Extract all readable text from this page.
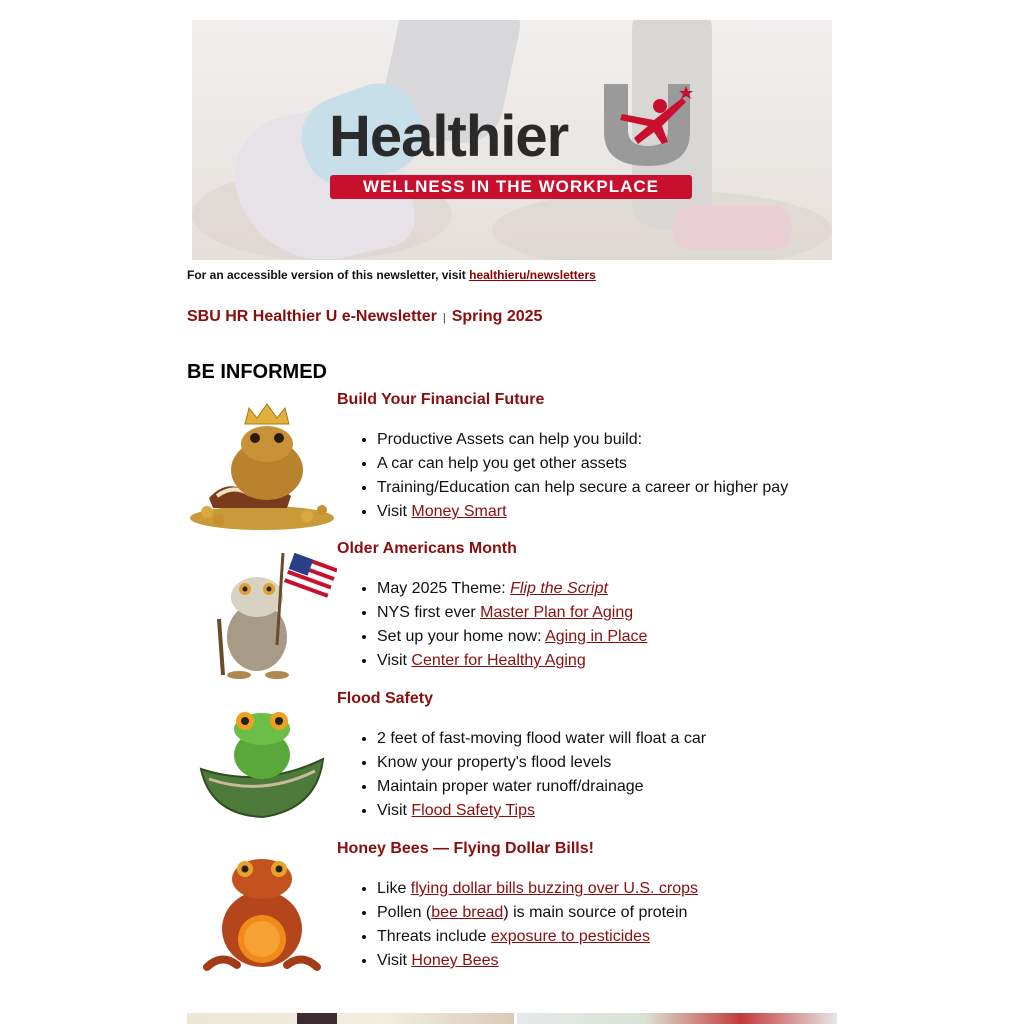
Healthier
WELLNESS IN THE WORKPLACE
For an accessible version of this newsletter, visit healthieru/newsletters
SBU HR Healthier U e-Newsletter | Spring 2025
BE INFORMED
Build Your Financial Future
• Productive Assets can help you build:
• A car can help you get other assets
• Training/Education can help secure a career or higher pay
• Visit Money Smart
Older Americans Month
• May 2025 Theme: Flip the Script
• NYS first ever Master Plan for Aging
• Set up your home now: Aging in Place
• Visit Center for Healthy Aging
Flood Safety
• 2 feet of fast-moving flood water will float a car
• Know your property's flood levels
• Maintain proper water runoff/drainage
• Visit Flood Safety Tips
Honey Bees — Flying Dollar Bills!
• Like flying dollar bills buzzing over U.S. crops
• Pollen (bee bread) is main source of protein
• Threats include exposure to pesticides
• Visit Honey Bees
